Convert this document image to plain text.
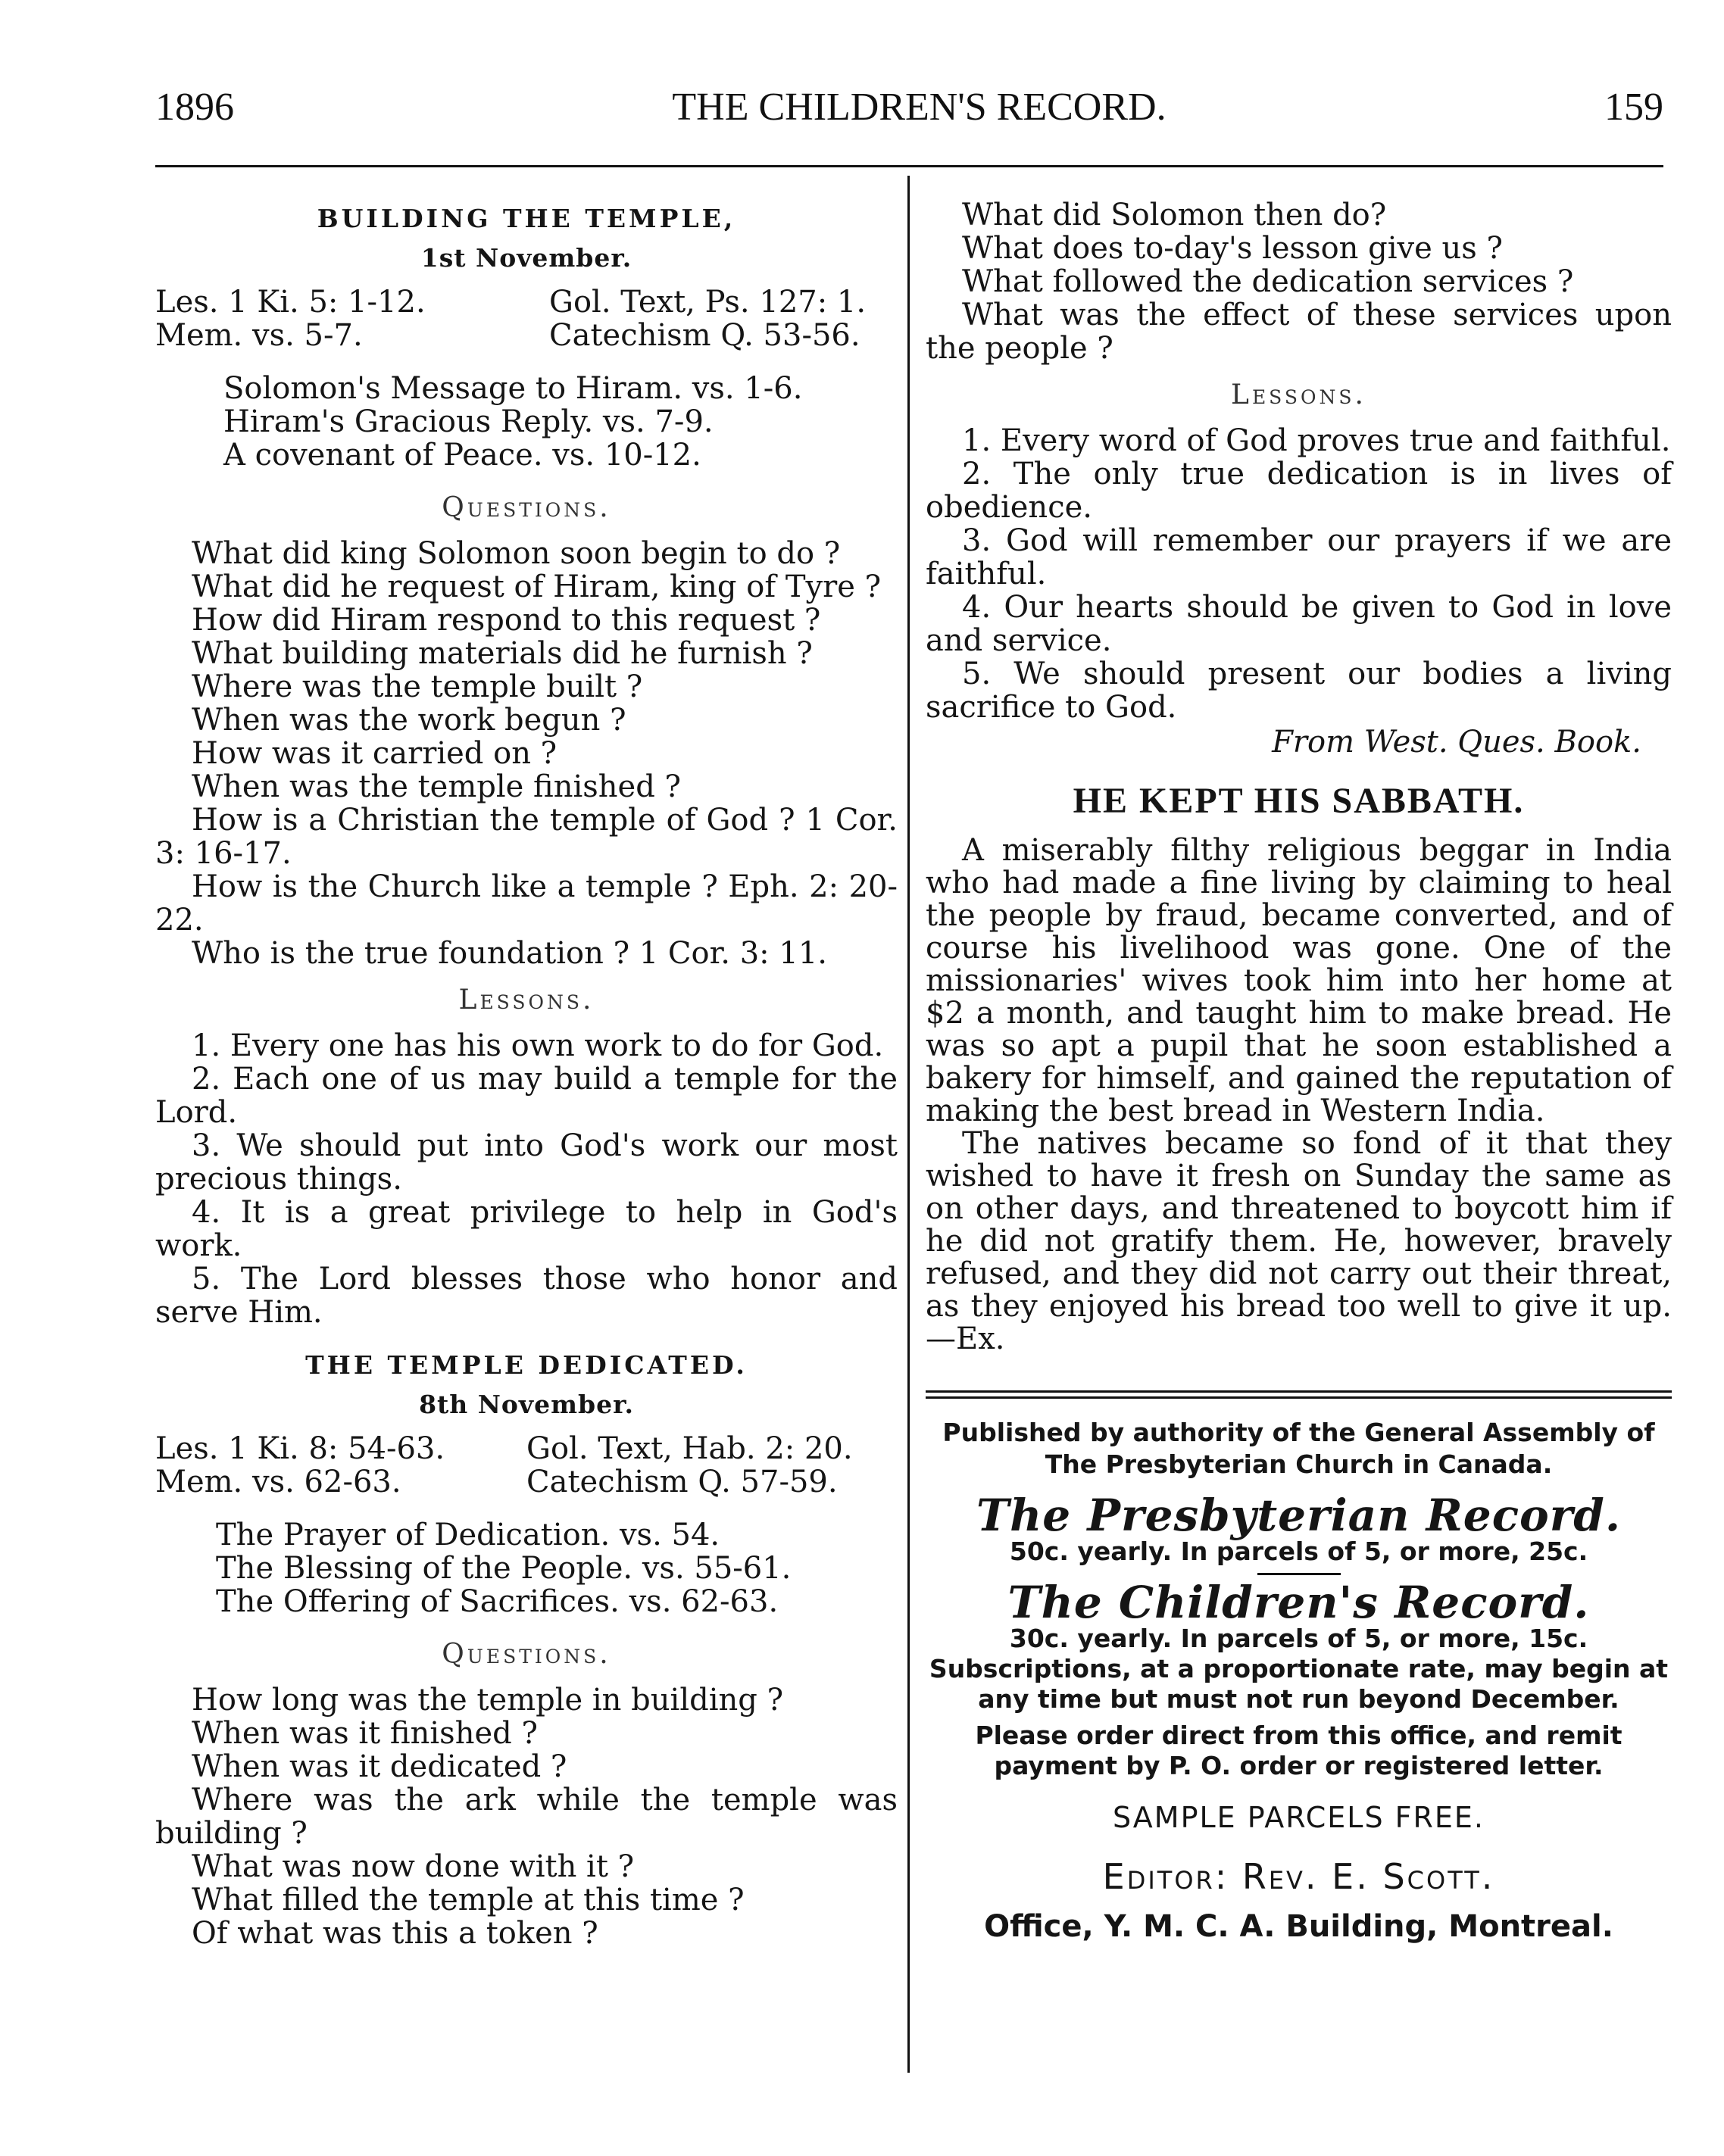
1896	THE CHILDREN'S RECORD.	159
BUILDING THE TEMPLE,
1st November.
Les. 1 Ki. 5: 1-12.	Gol. Text, Ps. 127: 1.
Mem. vs. 5-7.	Catechism Q. 53-56.

Solomon's Message to Hiram. vs. 1-6.

Hiram's Gracious Reply. vs. 7-9.

A covenant of Peace. vs. 10-12.

Questions.

What did king Solomon soon begin to do ?

What did he request of Hiram, king of Tyre ?

How did Hiram respond to this request ?

What building materials did he furnish ?

Where was the temple built ?

When was the work begun ?

How was it carried on ?

When was the temple finished ?

How is a Christian the temple of God ? 1 Cor. 3: 16-17.

How is the Church like a temple ? Eph. 2: 20-22.

Who is the true foundation ? 1 Cor. 3: 11.

Lessons.

1. Every one has his own work to do for God.

2. Each one of us may build a temple for the Lord.

3. We should put into God's work our most precious things.

4. It is a great privilege to help in God's work.

5. The Lord blesses those who honor and serve Him.

THE TEMPLE DEDICATED.
8th November.
Les. 1 Ki. 8: 54-63.	Gol. Text, Hab. 2: 20.
Mem. vs. 62-63.	Catechism Q. 57-59.

The Prayer of Dedication. vs. 54.

The Blessing of the People. vs. 55-61.

The Offering of Sacrifices. vs. 62-63.

Questions.

How long was the temple in building ?

When was it finished ?

When was it dedicated ?

Where was the ark while the temple was building ?

What was now done with it ?

What filled the temple at this time ?

Of what was this a token ?

What did Solomon then do?

What does to-day's lesson give us ?

What followed the dedication services ?

What was the effect of these services upon the people ?

Lessons.

1. Every word of God proves true and faithful.

2. The only true dedication is in lives of obedience.

3. God will remember our prayers if we are faithful.

4. Our hearts should be given to God in love and service.

5. We should present our bodies a living sacrifice to God.

From West. Ques. Book.
HE KEPT HIS SABBATH.

A miserably filthy religious beggar in India who had made a fine living by claiming to heal the people by fraud, became converted, and of course his livelihood was gone. One of the missionaries' wives took him into her home at $2 a month, and taught him to make bread. He was so apt a pupil that he soon established a bakery for himself, and gained the reputation of making the best bread in Western India.

The natives became so fond of it that they wished to have it fresh on Sunday the same as on other days, and threatened to boycott him if he did not gratify them. He, however, bravely refused, and they did not carry out their threat, as they enjoyed his bread too well to give it up.—Ex.

Published by authority of the General Assembly of The Presbyterian Church in Canada.
The Presbyterian Record.
50c. yearly. In parcels of 5, or more, 25c.
The Children's Record.
30c. yearly. In parcels of 5, or more, 15c.
Subscriptions, at a proportionate rate, may begin at any time but must not run beyond December.
Please order direct from this office, and remit payment by P. O. order or registered letter.
SAMPLE PARCELS FREE.
Editor: Rev. E. Scott.
Office, Y. M. C. A. Building, Montreal.
